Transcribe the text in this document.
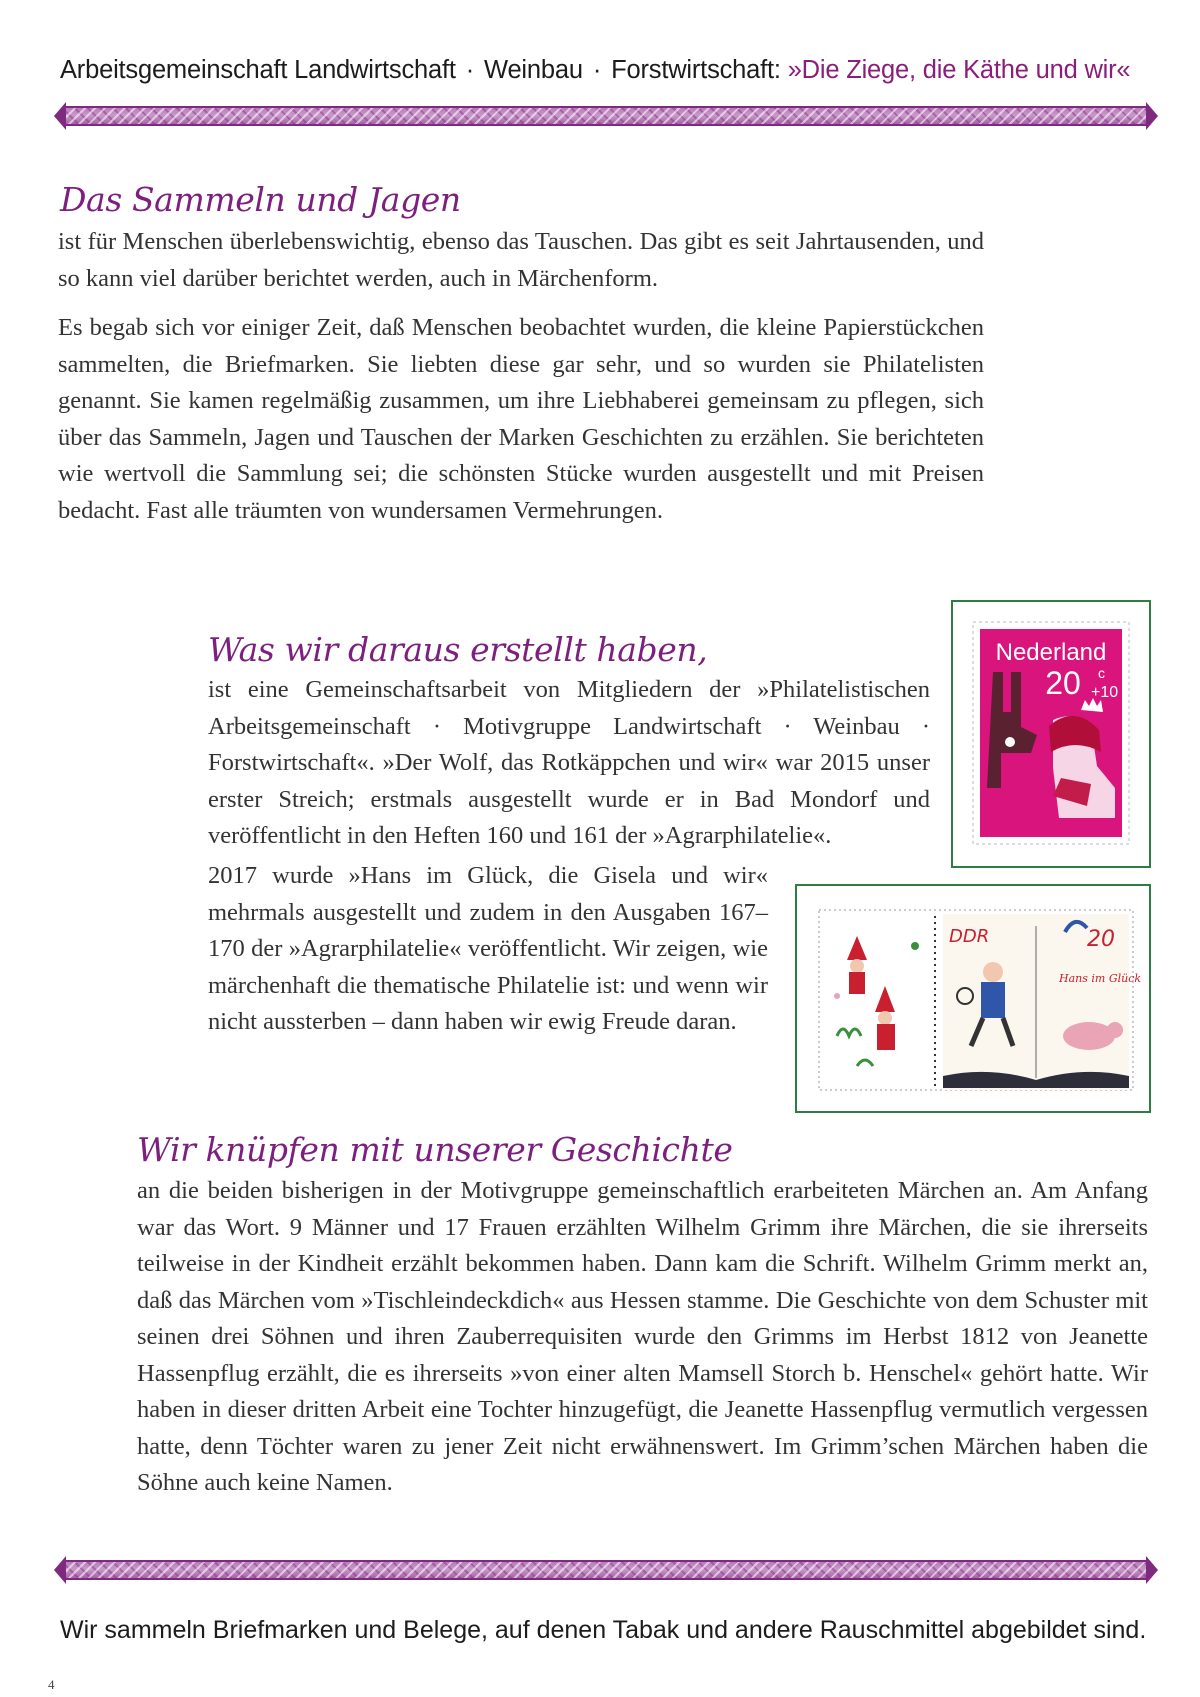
Arbeitsgemeinschaft Landwirtschaft · Weinbau · Forstwirtschaft: »Die Ziege, die Käthe und wir«
Das Sammeln und Jagen

ist für Menschen überlebenswichtig, ebenso das Tauschen. Das gibt es seit Jahrtausenden, und so kann viel darüber berichtet werden, auch in Märchenform.

Es begab sich vor einiger Zeit, daß Menschen beobachtet wurden, die kleine Papierstückchen sammelten, die Briefmarken. Sie liebten diese gar sehr, und so wurden sie Philatelisten genannt. Sie kamen regelmäßig zusammen, um ihre Liebhaberei gemeinsam zu pflegen, sich über das Sammeln, Jagen und Tauschen der Marken Geschichten zu erzählen. Sie berichteten wie wertvoll die Sammlung sei; die schönsten Stücke wurden ausgestellt und mit Preisen bedacht. Fast alle träumten von wundersamen Vermehrungen.

Was wir daraus erstellt haben,

ist eine Gemeinschaftsarbeit von Mitgliedern der »Philatelistischen Arbeitsgemeinschaft · Motivgruppe Landwirtschaft · Weinbau · Forstwirtschaft«. »Der Wolf, das Rotkäppchen und wir« war 2015 unser erster Streich; erstmals ausgestellt wurde er in Bad Mondorf und veröffentlicht in den Heften 160 und 161 der »Agrarphilatelie«.

2017 wurde »Hans im Glück, die Gisela und wir« mehrmals ausgestellt und zudem in den Ausgaben 167–170 der »Agrarphilatelie« veröffentlicht. Wir zeigen, wie märchenhaft die thematische Philatelie ist: und wenn wir nicht aussterben – dann haben wir ewig Freude daran.

Nederland
20 c
+10
DDR	20
Hans im Glück
Wir knüpfen mit unserer Geschichte

an die beiden bisherigen in der Motivgruppe gemeinschaftlich erarbeiteten Märchen an. Am Anfang war das Wort. 9 Männer und 17 Frauen erzählten Wilhelm Grimm ihre Märchen, die sie ihrerseits teilweise in der Kindheit erzählt bekommen haben. Dann kam die Schrift. Wilhelm Grimm merkt an, daß das Märchen vom »Tischleindeckdich« aus Hessen stamme. Die Geschichte von dem Schuster mit seinen drei Söhnen und ihren Zauberrequisiten wurde den Grimms im Herbst 1812 von Jeanette Hassenpflug erzählt, die es ihrerseits »von einer alten Mamsell Storch b. Henschel« gehört hatte. Wir haben in dieser dritten Arbeit eine Tochter hinzugefügt, die Jeanette Hassenpflug vermutlich vergessen hatte, denn Töchter waren zu jener Zeit nicht erwähnenswert. Im Grimm’schen Märchen haben die Söhne auch keine Namen.

Wir sammeln Briefmarken und Belege, auf denen Tabak und andere Rauschmittel abgebildet sind.
4
